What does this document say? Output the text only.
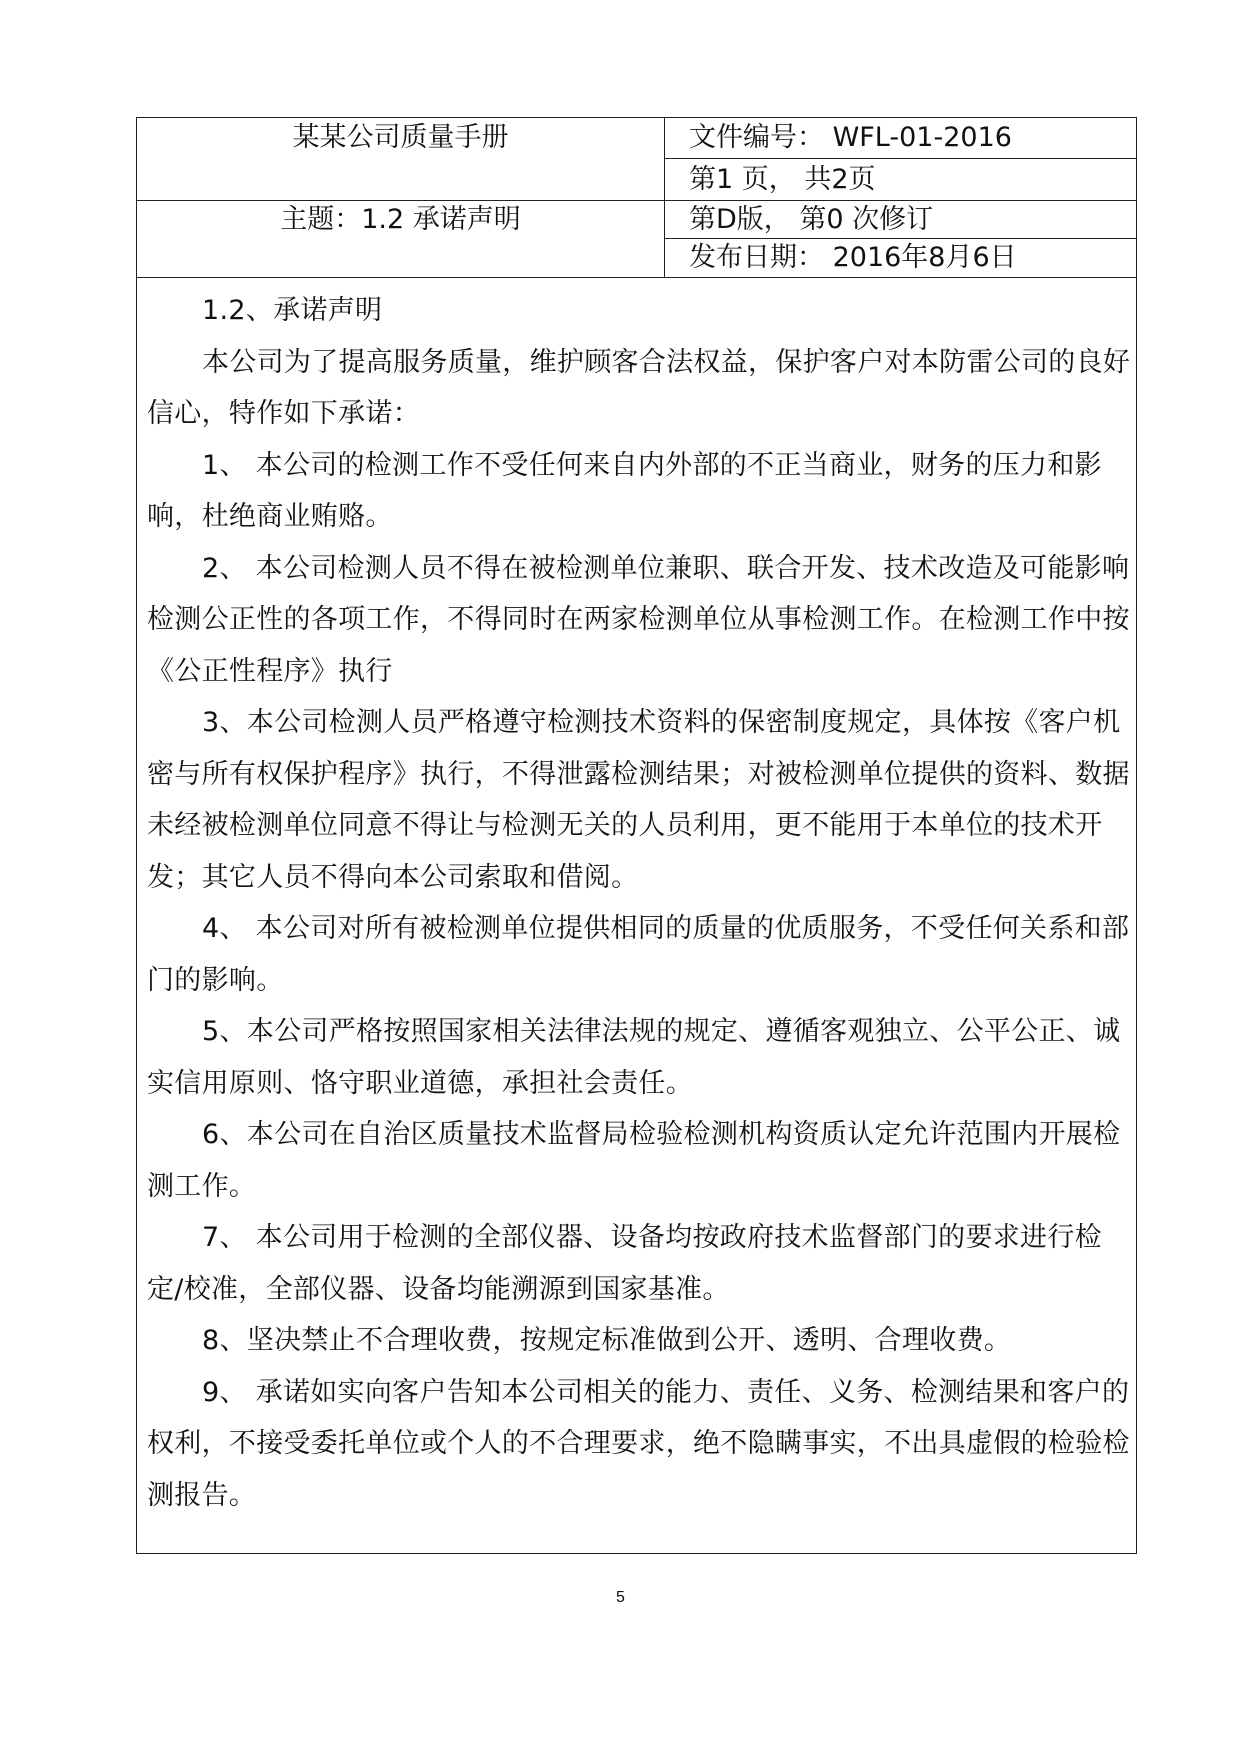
某某公司质量手册
主题：1.2 承诺声明
文件编号： WFL-01-2016
第1 页， 共2页
第D版， 第0 次修订
发布日期： 2016年8月6日

1.2、承诺声明

本公司为了提高服务质量，维护顾客合法权益，保护客户对本防雷公司的良好信心，特作如下承诺：

1、 本公司的检测工作不受任何来自内外部的不正当商业，财务的压力和影响，杜绝商业贿赂。

2、 本公司检测人员不得在被检测单位兼职、联合开发、技术改造及可能影响检测公正性的各项工作，不得同时在两家检测单位从事检测工作。在检测工作中按《公正性程序》执行

3、本公司检测人员严格遵守检测技术资料的保密制度规定，具体按《客户机密与所有权保护程序》执行，不得泄露检测结果；对被检测单位提供的资料、数据未经被检测单位同意不得让与检测无关的人员利用，更不能用于本单位的技术开发；其它人员不得向本公司索取和借阅。

4、 本公司对所有被检测单位提供相同的质量的优质服务，不受任何关系和部门的影响。

5、本公司严格按照国家相关法律法规的规定、遵循客观独立、公平公正、诚实信用原则、恪守职业道德，承担社会责任。

6、本公司在自治区质量技术监督局检验检测机构资质认定允许范围内开展检测工作。

7、 本公司用于检测的全部仪器、设备均按政府技术监督部门的要求进行检定/校准，全部仪器、设备均能溯源到国家基准。

8、坚决禁止不合理收费，按规定标准做到公开、透明、合理收费。

9、 承诺如实向客户告知本公司相关的能力、责任、义务、检测结果和客户的权利，不接受委托单位或个人的不合理要求，绝不隐瞒事实，不出具虚假的检验检测报告。

5
